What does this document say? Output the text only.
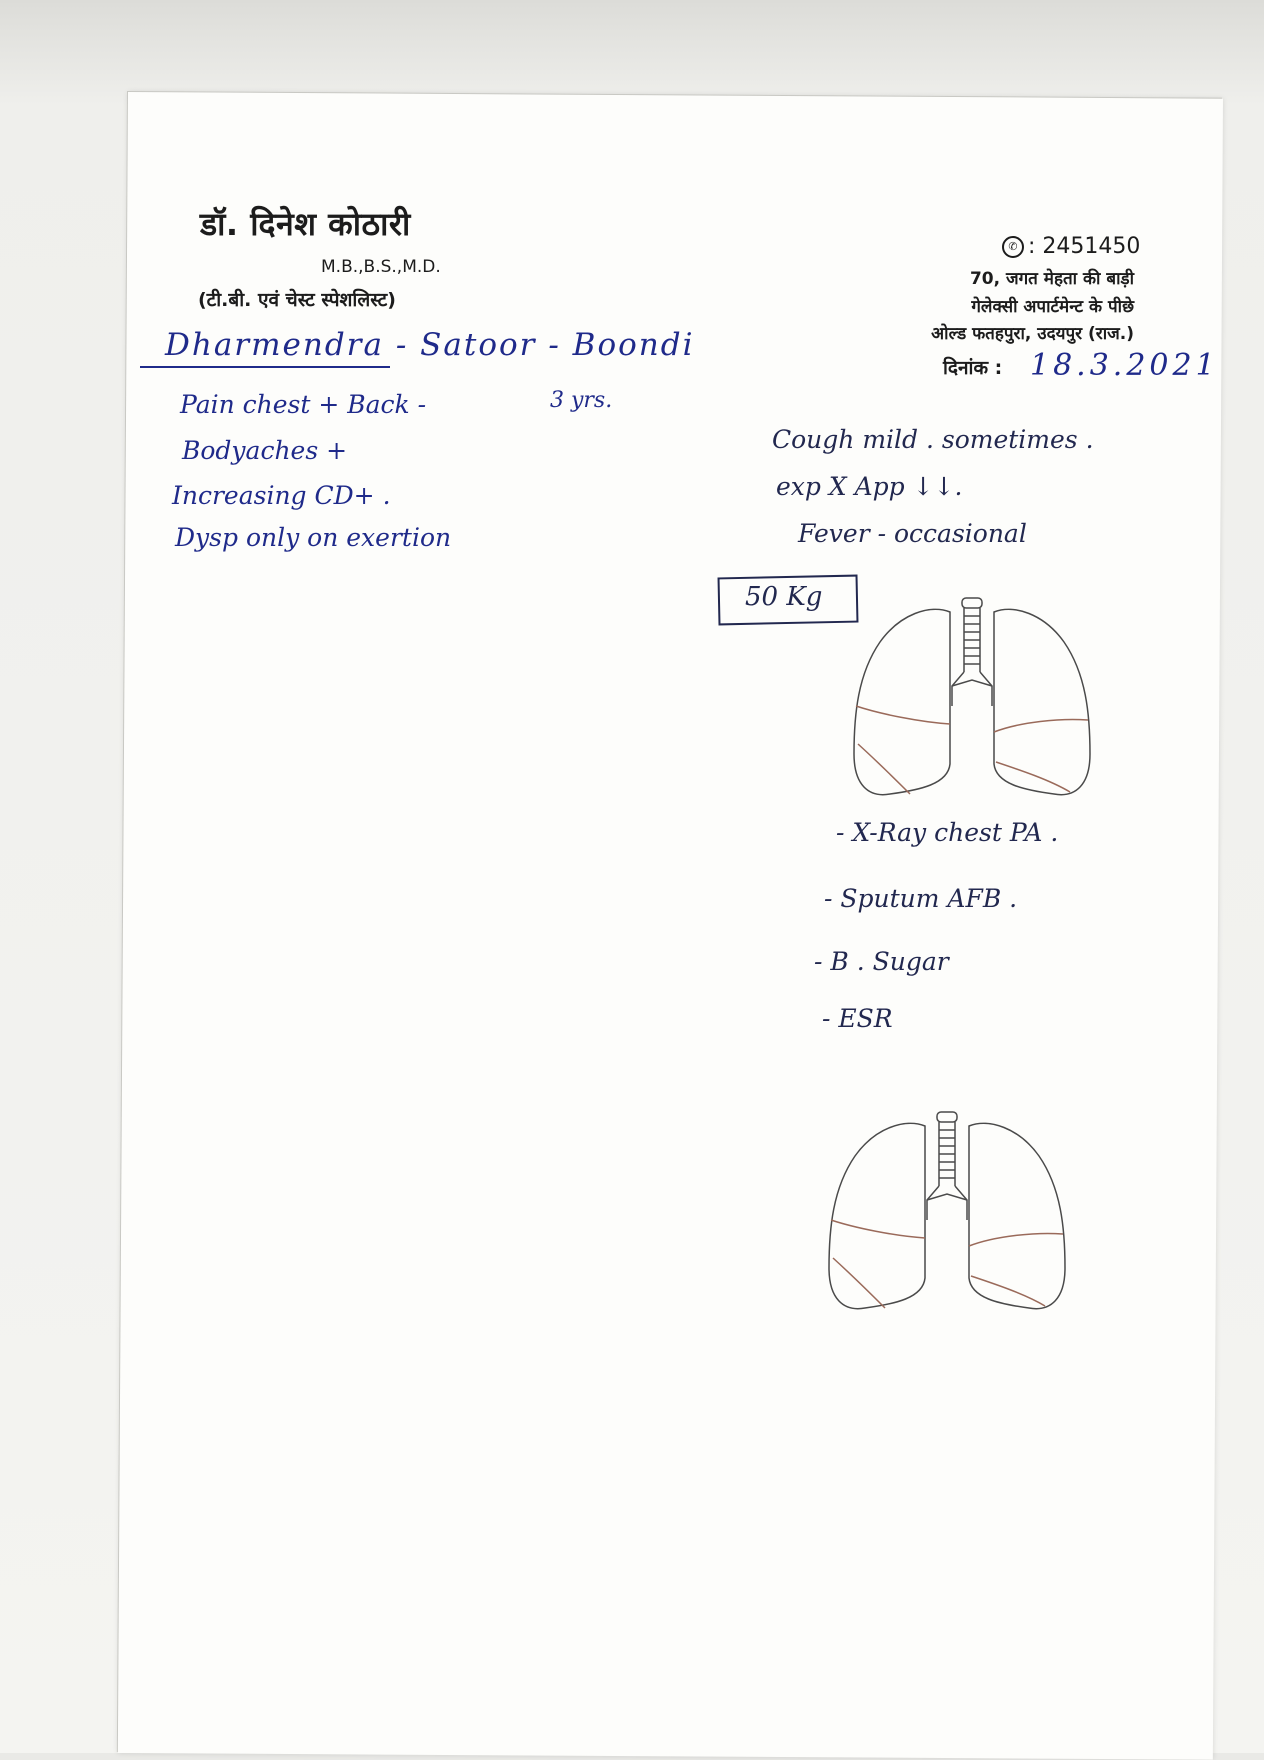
डॉ. दिनेश कोठारी
M.B.,B.S.,M.D.
(टी.बी. एवं चेस्ट स्पेशलिस्ट)
✆ : 2451450
70, जगत मेहता की बाड़ी
गेलेक्सी अपार्टमेन्ट के पीछे
ओल्ड फतहपुरा, उदयपुर (राज.)
दिनांक : 18.3.2021
Dharmendra - Satoor - Boondi
Pain chest + Back -	3 yrs.
Bodyaches +
Increasing CD+ .
Dysp only on exertion
Cough mild . sometimes .
exp X App ↓↓.
Fever - occasional
50 Kg
- X-Ray chest PA .
- Sputum AFB .
- B . Sugar
- ESR
